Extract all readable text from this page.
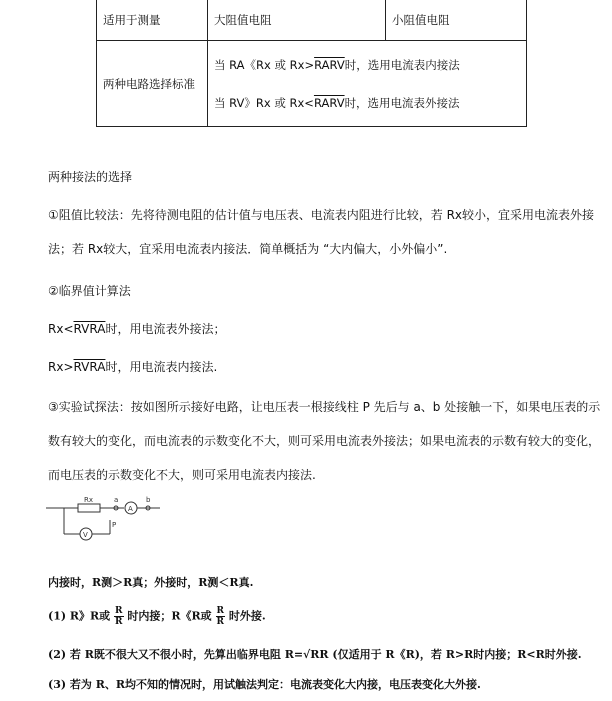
适用于测量	大阻值电阻	小阻值电阻
两种电路选择标准	当 RA《Rx 或 Rx>RARV时，选用电流表内接法
当 RV》Rx 或 Rx<RARV时，选用电流表外接法	
两种接法的选择
①阻值比较法：先将待测电阻的估计值与电压表、电流表内阻进行比较，若 Rx较小，宜采用电流表外接
法；若 Rx较大，宜采用电流表内接法．简单概括为 “大内偏大，小外偏小”.
②临界值计算法
Rx<RVRA时，用电流表外接法；
Rx>RVRA时，用电流表内接法.
③实验试探法：按如图所示接好电路，让电压表一根接线柱 P 先后与 a、b 处接触一下，如果电压表的示
数有较大的变化，而电流表的示数变化不大，则可采用电流表外接法；如果电流表的示数有较大的变化，
而电压表的示数变化不大，则可采用电流表内接法.
Rx	a	b
P
A
V
内接时，R测＞R真；外接时，R测＜R真.
(1) R》R或 $\frac{R}{R}$ 时内接；R《R或 $\frac{R}{R}$ 时外接.
(2) 若 R既不很大又不很小时，先算出临界电阻 R=√RR (仅适用于 R《R)，若 R>R时内接；R<R时外接.
(3) 若为 R、R均不知的情况时，用试触法判定：电流表变化大内接，电压表变化大外接.
